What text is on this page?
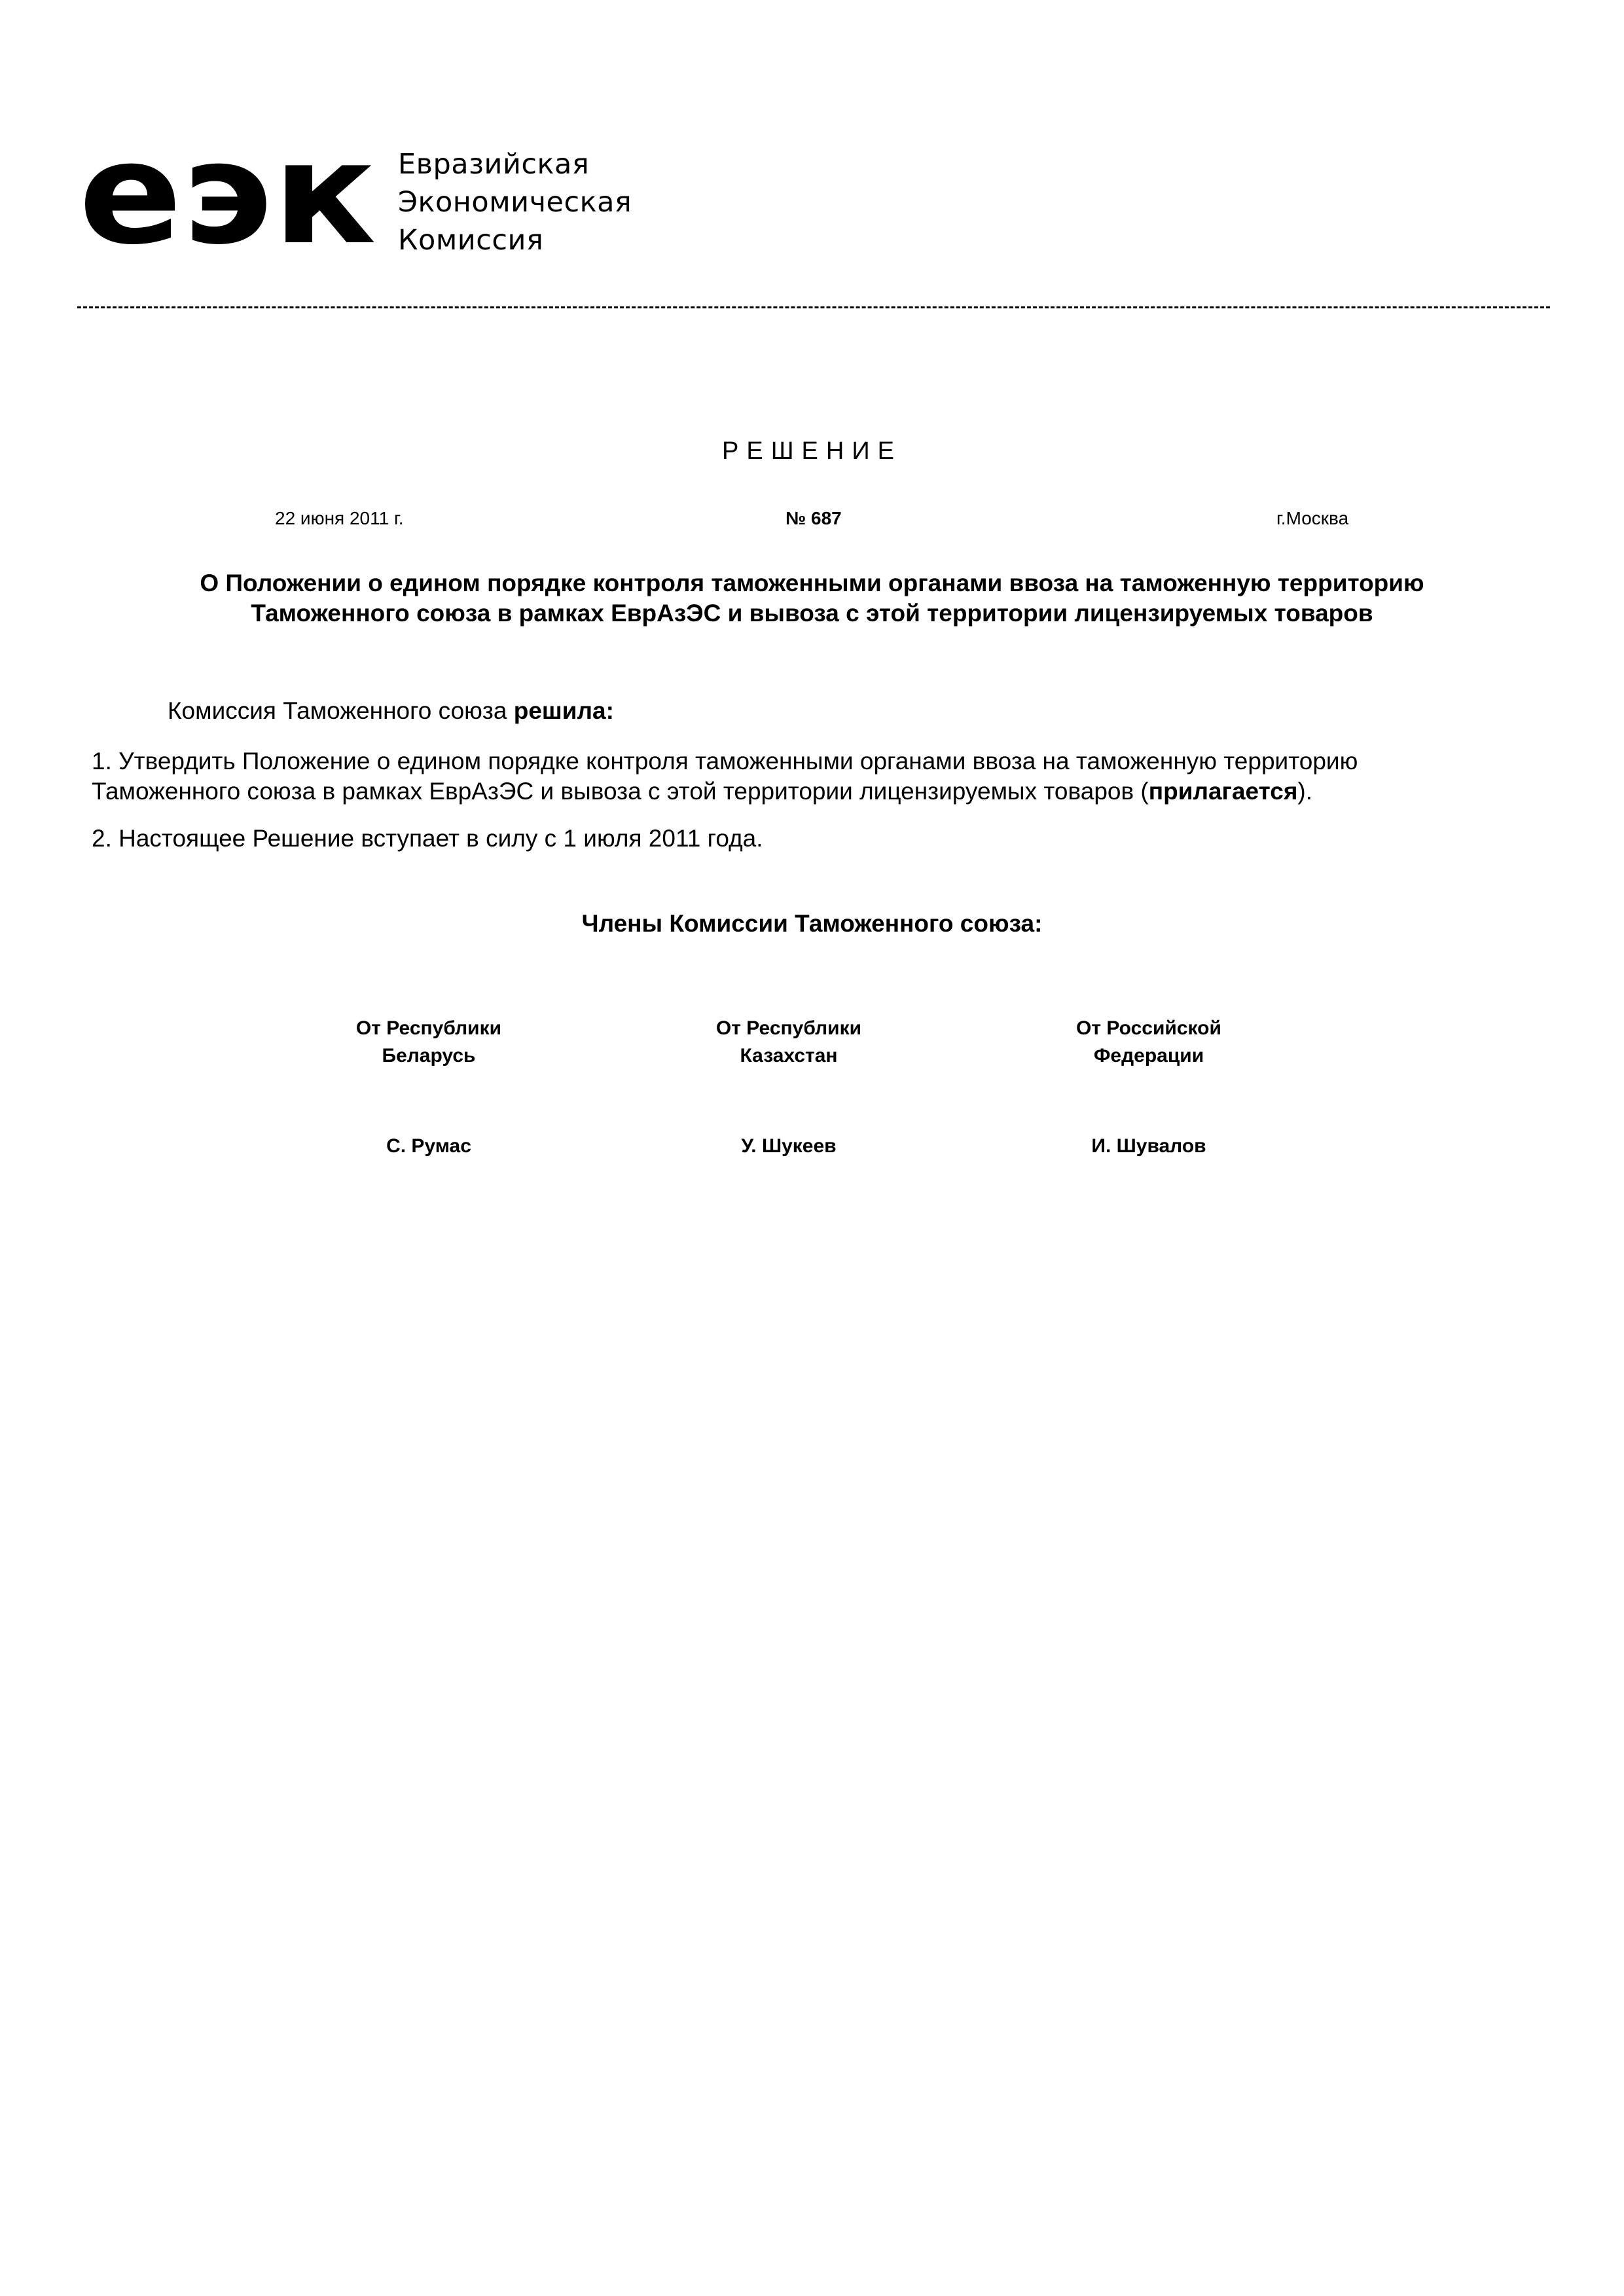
еэк Евразийская
Экономическая
Комиссия
РЕШЕНИЕ
22 июня 2011 г.	№ 687	г.Москва
О Положении о едином порядке контроля таможенными органами ввоза на таможенную территорию
Таможенного союза в рамках ЕврАзЭС и вывоза с этой территории лицензируемых товаров
Комиссия Таможенного союза решила:
1. Утвердить Положение о едином порядке контроля таможенными органами ввоза на таможенную территорию
Таможенного союза в рамках ЕврАзЭС и вывоза с этой территории лицензируемых товаров (прилагается).
2. Настоящее Решение вступает в силу с 1 июля 2011 года.
Члены Комиссии Таможенного союза:
От Республики
Беларусь
С. Румас
От Республики
Казахстан
У. Шукеев
От Российской
Федерации
И. Шувалов
